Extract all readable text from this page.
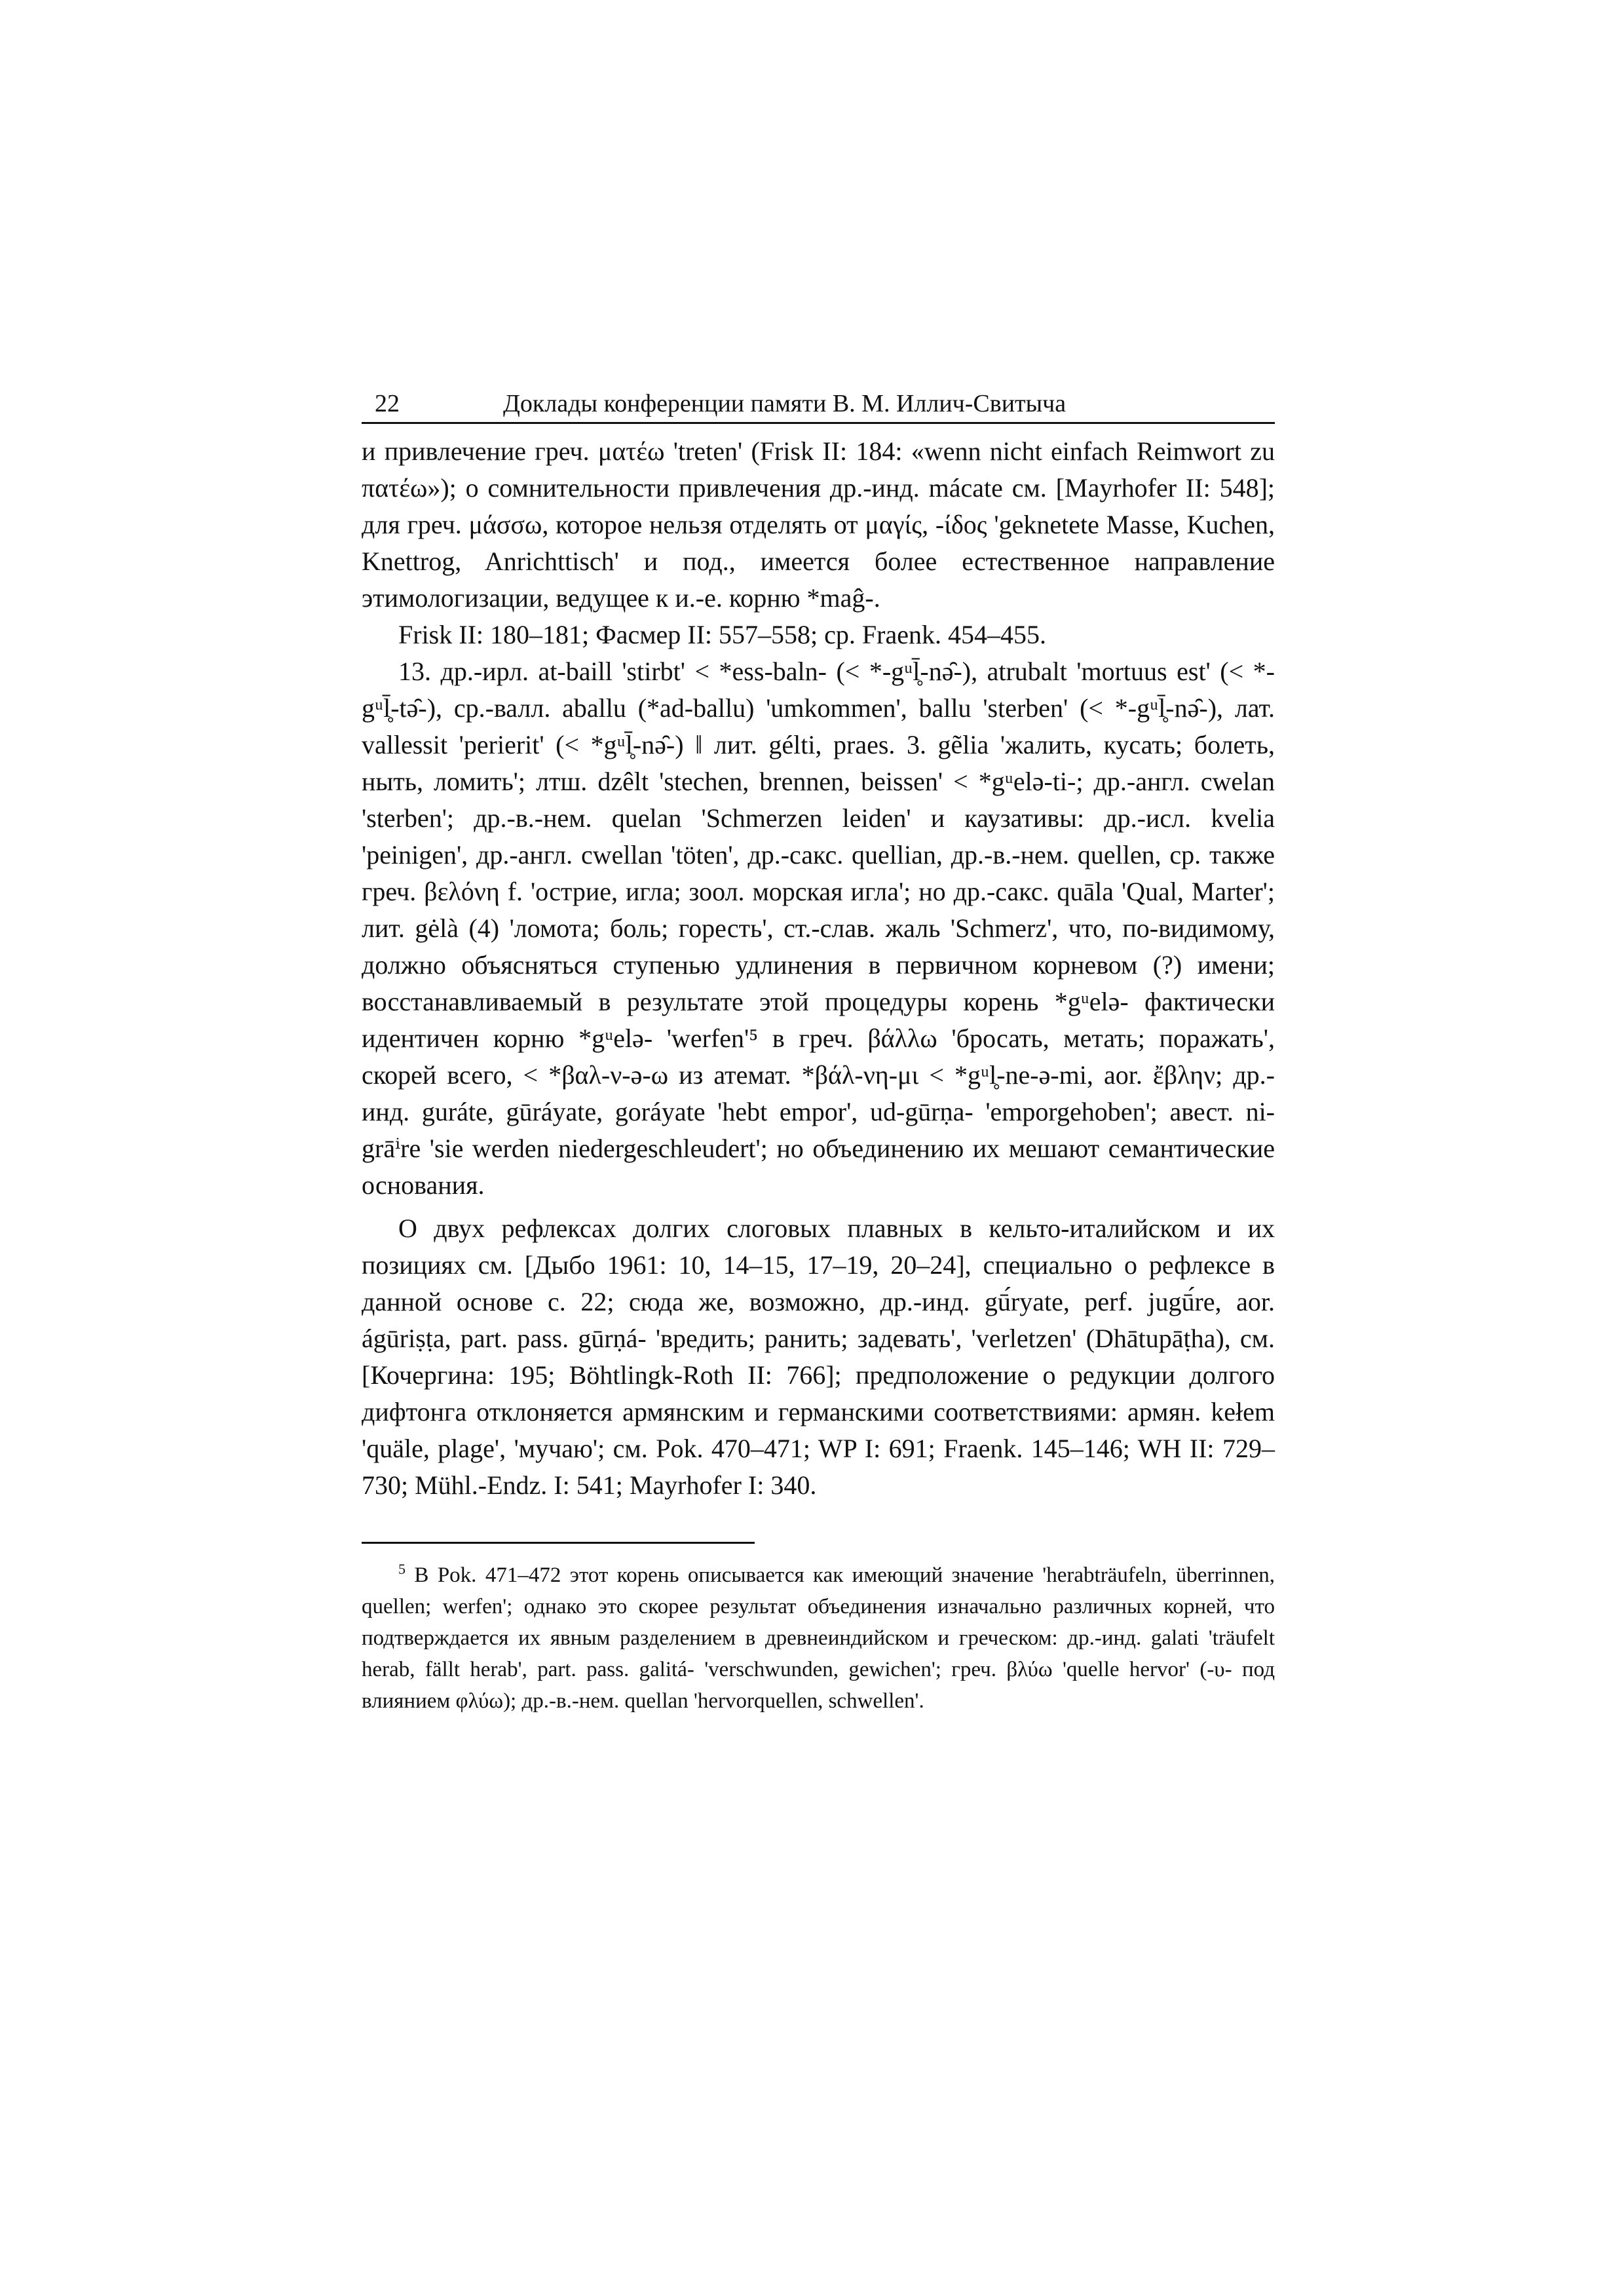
22	Доклады конференции памяти В. М. Иллич-Свитыча

и привлечение греч. ματέω 'treten' (Frisk II: 184: «wenn nicht einfach Reimwort zu πατέω»); о сомнительности привлечения др.-инд. mácate см. [Mayrhofer II: 548]; для греч. μάσσω, которое нельзя отделять от μαγίς, -ίδος 'geknetete Masse, Kuchen, Knettrog, Anrichttisch' и под., имеется более естественное направление этимологизации, ведущее к и.-е. корню *maĝ-.

Frisk II: 180–181; Фасмер II: 557–558; ср. Fraenk. 454–455.

13. др.-ирл. at-baill 'stirbt' < *ess-baln- (< *-gᵘl̥̄-nə̑-), atrubalt 'mortuus est' (< *-gᵘl̥̄-tə̑-), ср.-валл. aballu (*ad-ballu) 'umkommen', ballu 'sterben' (< *-gᵘl̥̄-nə̑-), лат. vallessit 'perierit' (< *gᵘl̥̄-nə̑-) ‖ лит. gélti, praes. 3. gẽlia 'жалить, кусать; болеть, ныть, ломить'; лтш. dzêlt 'stechen, brennen, beissen' < *gᵘelə-ti-; др.-англ. cwelan 'sterben'; др.-в.-нем. quelan 'Schmerzen leiden' и каузативы: др.-исл. kvelia 'peinigen', др.-англ. cwellan 'töten', др.-сакс. quellian, др.-в.-нем. quellen, ср. также греч. βελόνη f. 'острие, игла; зоол. морская игла'; но др.-сакс. quāla 'Qual, Marter'; лит. gėlà (4) 'ломота; боль; горесть', ст.-слав. жаль 'Schmerz', что, по-видимому, должно объясняться ступенью удлинения в первичном корневом (?) имени; восстанавливаемый в результате этой процедуры корень *gᵘelə- фактически идентичен корню *gᵘelə- 'werfen'⁵ в греч. βάλλω 'бросать, метать; поражать', скорей всего, < *βαλ-ν-ə-ω из атемат. *βάλ-νη-μι < *gᵘl̥-ne-ə-mi, aor. ἔβλην; др.-инд. guráte, gūráyate, goráyate 'hebt empor', ud-gūrṇa- 'emporgehoben'; авест. ni-grāⁱre 'sie werden niedergeschleudert'; но объединению их мешают семантические основания.

О двух рефлексах долгих слоговых плавных в кельто-италийском и их позициях см. [Дыбо 1961: 10, 14–15, 17–19, 20–24], специально о рефлексе в данной основе с. 22; сюда же, возможно, др.-инд. gū́ryate, perf. jugū́re, aor. ágūriṣṭa, part. pass. gūrṇá- 'вредить; ранить; задевать', 'verletzen' (Dhātupāṭha), см. [Кочергина: 195; Böhtlingk-Roth II: 766]; предположение о редукции долгого дифтонга отклоняется армянским и германскими соответствиями: армян. kełem 'quäle, plage', 'мучаю'; см. Pok. 470–471; WP I: 691; Fraenk. 145–146; WH II: 729–730; Mühl.-Endz. I: 541; Mayrhofer I: 340.

$^5$ В Pok. 471–472 этот корень описывается как имеющий значение 'herabträufeln, überrinnen, quellen; werfen'; однако это скорее результат объединения изначально различных корней, что подтверждается их явным разделением в древнеиндийском и греческом: др.-инд. galati 'träufelt herab, fällt herab', part. pass. galitá- 'verschwunden, gewichen'; греч. βλύω 'quelle hervor' (-υ- под влиянием φλύω); др.-в.-нем. quellan 'hervorquellen, schwellen'.
